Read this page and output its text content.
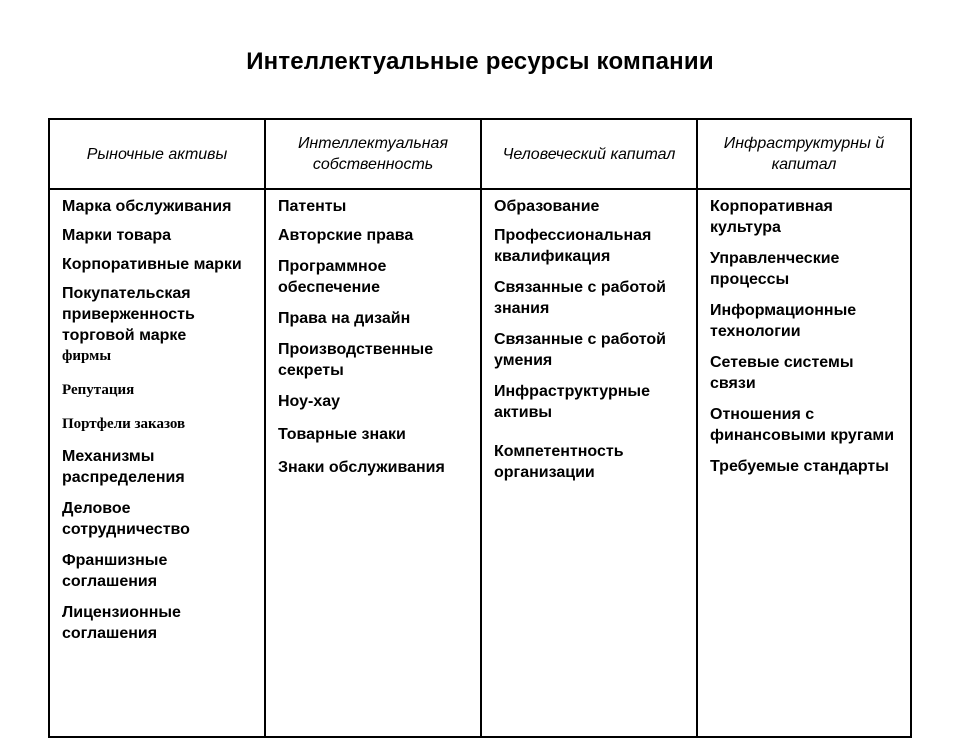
Интеллектуальные ресурсы компании
Рыночные активы
Марка обслуживания
Марки товара
Корпоративные марки
Покупательская приверженность торговой марке
фирмы
Репутация
Портфели заказов
Механизмы распределения
Деловое сотрудничество
Франшизные соглашения
Лицензионные соглашения
Интеллектуальная собственность
Патенты
Авторские права
Программное обеспечение
Права на дизайн
Производственные секреты
Ноу-хау
Товарные знаки
Знаки обслуживания
Человеческий капитал
Образование
Профессиональная квалификация
Связанные с работой знания
Связанные с работой умения
Инфраструктурные активы
Компетентность организации
Инфраструктурны й капитал
Корпоративная культура
Управленческие процессы
Информационные технологии
Сетевые системы связи
Отношения с финансовыми кругами
Требуемые стандарты
